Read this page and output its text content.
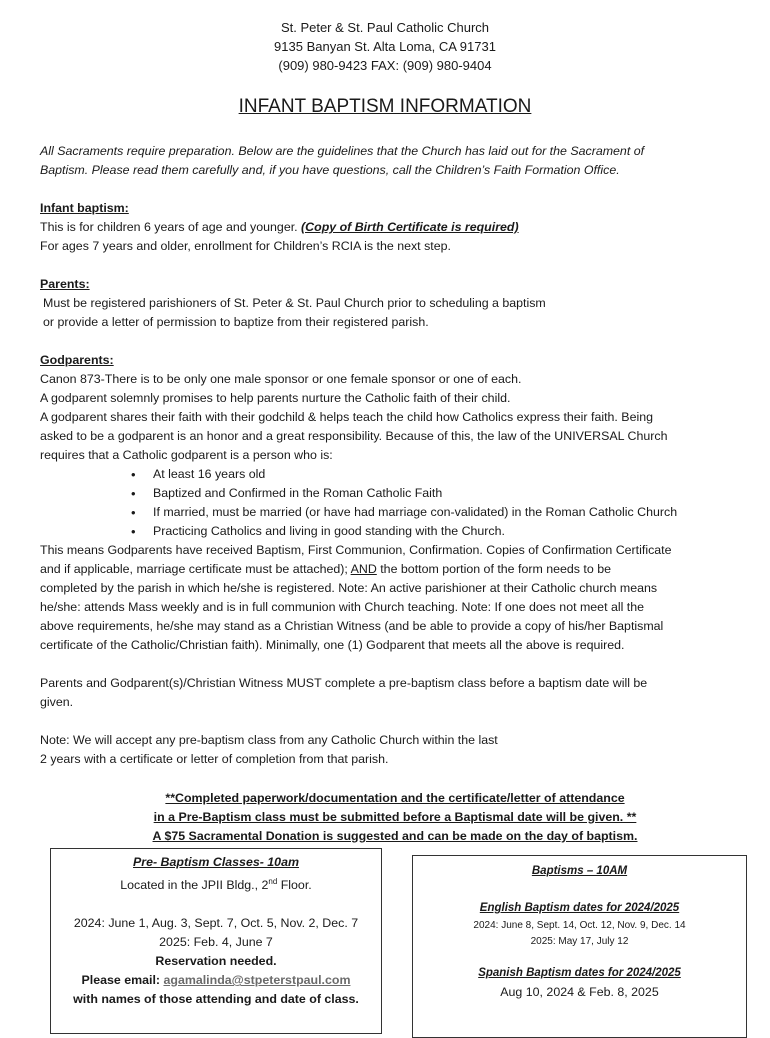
St. Peter & St. Paul Catholic Church
9135 Banyan St. Alta Loma, CA 91731
(909) 980-9423 FAX: (909) 980-9404
INFANT BAPTISM INFORMATION

All Sacraments require preparation. Below are the guidelines that the Church has laid out for the Sacrament of

Baptism. Please read them carefully and, if you have questions, call the Children’s Faith Formation Office.

Infant baptism:

This is for children 6 years of age and younger. (Copy of Birth Certificate is required)

For ages 7 years and older, enrollment for Children’s RCIA is the next step.

Parents:

Must be registered parishioners of St. Peter & St. Paul Church prior to scheduling a baptism

or provide a letter of permission to baptize from their registered parish.

Godparents:

Canon 873-There is to be only one male sponsor or one female sponsor or one of each.

A godparent solemnly promises to help parents nurture the Catholic faith of their child.

A godparent shares their faith with their godchild & helps teach the child how Catholics express their faith. Being

asked to be a godparent is an honor and a great responsibility. Because of this, the law of the UNIVERSAL Church

requires that a Catholic godparent is a person who is:

• At least 16 years old
• Baptized and Confirmed in the Roman Catholic Faith
• If married, must be married (or have had marriage con-validated) in the Roman Catholic Church
• Practicing Catholics and living in good standing with the Church.

This means Godparents have received Baptism, First Communion, Confirmation. Copies of Confirmation Certificate

and if applicable, marriage certificate must be attached); AND the bottom portion of the form needs to be

completed by the parish in which he/she is registered. Note: An active parishioner at their Catholic church means

he/she: attends Mass weekly and is in full communion with Church teaching. Note: If one does not meet all the

above requirements, he/she may stand as a Christian Witness (and be able to provide a copy of his/her Baptismal

certificate of the Catholic/Christian faith). Minimally, one (1) Godparent that meets all the above is required.

Parents and Godparent(s)/Christian Witness MUST complete a pre-baptism class before a baptism date will be

given.

Note: We will accept any pre-baptism class from any Catholic Church within the last

2 years with a certificate or letter of completion from that parish.

**Completed paperwork/documentation and the certificate/letter of attendance
in a Pre-Baptism class must be submitted before a Baptismal date will be given. **
A $75 Sacramental Donation is suggested and can be made on the day of baptism.
Pre- Baptism Classes- 10am
Located in the JPII Bldg., 2nd Floor.
2024: June 1, Aug. 3, Sept. 7, Oct. 5, Nov. 2, Dec. 7
2025: Feb. 4, June 7
Reservation needed.
Please email: agamalinda@stpeterstpaul.com
with names of those attending and date of class.
Baptisms – 10AM
English Baptism dates for 2024/2025
2024: June 8, Sept. 14, Oct. 12, Nov. 9, Dec. 14
2025: May 17, July 12
Spanish Baptism dates for 2024/2025
Aug 10, 2024 & Feb. 8, 2025
